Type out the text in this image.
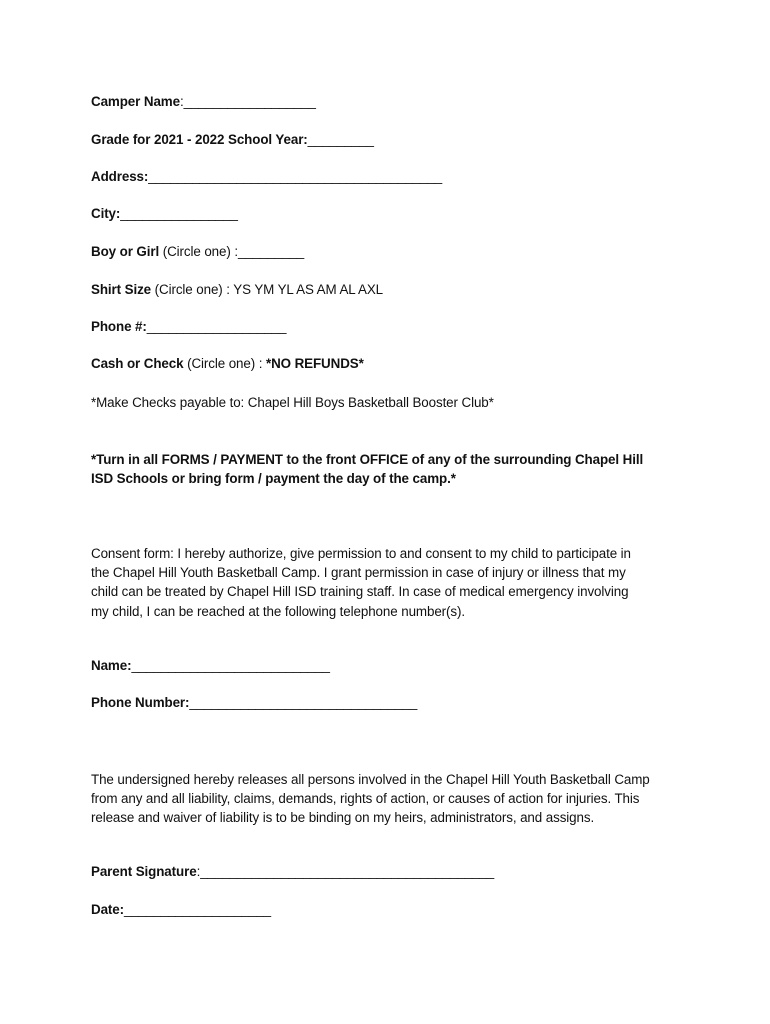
Camper Name:__________________
Grade for 2021 - 2022 School Year:_________
Address:________________________________________
City:________________
Boy or Girl (Circle one) :_________
Shirt Size (Circle one) : YS YM YL AS AM AL AXL
Phone #:___________________
Cash or Check (Circle one) : *NO REFUNDS*
*Make Checks payable to: Chapel Hill Boys Basketball Booster Club*
*Turn in all FORMS / PAYMENT to the front OFFICE of any of the surrounding Chapel Hill
ISD Schools or bring form / payment the day of the camp.*
Consent form: I hereby authorize, give permission to and consent to my child to participate in
the Chapel Hill Youth Basketball Camp. I grant permission in case of injury or illness that my
child can be treated by Chapel Hill ISD training staff. In case of medical emergency involving
my child, I can be reached at the following telephone number(s).
Name:___________________________
Phone Number:_______________________________
The undersigned hereby releases all persons involved in the Chapel Hill Youth Basketball Camp
from any and all liability, claims, demands, rights of action, or causes of action for injuries. This
release and waiver of liability is to be binding on my heirs, administrators, and assigns.
Parent Signature:________________________________________
Date:____________________
